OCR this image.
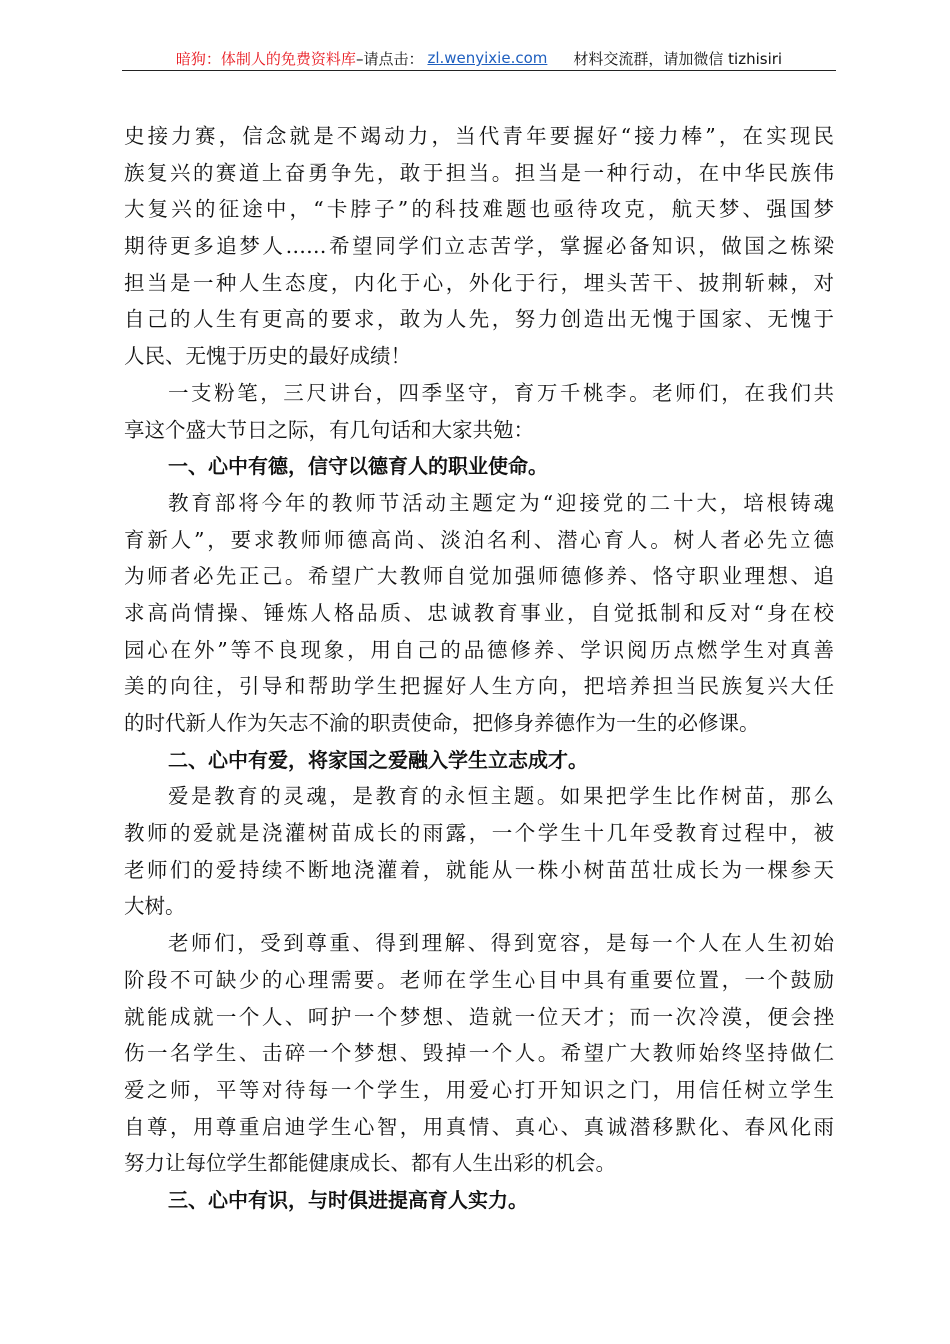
暗狗：体制人的免费资料库 –请点击： zl.wenyixie.com 材料交流群，请加微信 tizhisiri
史接力赛，信念就是不竭动力，当代青年要握好“接力棒”，在实现民
族复兴的赛道上奋勇争先，敢于担当。担当是一种行动，在中华民族伟
大复兴的征途中，“卡脖子”的科技难题也亟待攻克，航天梦、强国梦
期待更多追梦人……希望同学们立志苦学，掌握必备知识，做国之栋梁
担当是一种人生态度，内化于心，外化于行，埋头苦干、披荆斩棘，对
自己的人生有更高的要求，敢为人先，努力创造出无愧于国家、无愧于
人民、无愧于历史的最好成绩！
一支粉笔，三尺讲台，四季坚守，育万千桃李。老师们，在我们共
享这个盛大节日之际，有几句话和大家共勉：
一、心中有德，信守以德育人的职业使命。
教育部将今年的教师节活动主题定为“迎接党的二十大，培根铸魂
育新人”，要求教师师德高尚、淡泊名利、潜心育人。树人者必先立德
为师者必先正己。希望广大教师自觉加强师德修养、恪守职业理想、追
求高尚情操、锤炼人格品质、忠诚教育事业，自觉抵制和反对“身在校
园心在外”等不良现象，用自己的品德修养、学识阅历点燃学生对真善
美的向往，引导和帮助学生把握好人生方向，把培养担当民族复兴大任
的时代新人作为矢志不渝的职责使命，把修身养德作为一生的必修课。
二、心中有爱，将家国之爱融入学生立志成才。
爱是教育的灵魂，是教育的永恒主题。如果把学生比作树苗，那么
教师的爱就是浇灌树苗成长的雨露，一个学生十几年受教育过程中，被
老师们的爱持续不断地浇灌着，就能从一株小树苗茁壮成长为一棵参天
大树。
老师们，受到尊重、得到理解、得到宽容，是每一个人在人生初始
阶段不可缺少的心理需要。老师在学生心目中具有重要位置，一个鼓励
就能成就一个人、呵护一个梦想、造就一位天才；而一次冷漠，便会挫
伤一名学生、击碎一个梦想、毁掉一个人。希望广大教师始终坚持做仁
爱之师，平等对待每一个学生，用爱心打开知识之门，用信任树立学生
自尊，用尊重启迪学生心智，用真情、真心、真诚潜移默化、春风化雨
努力让每位学生都能健康成长、都有人生出彩的机会。
三、心中有识，与时俱进提高育人实力。
